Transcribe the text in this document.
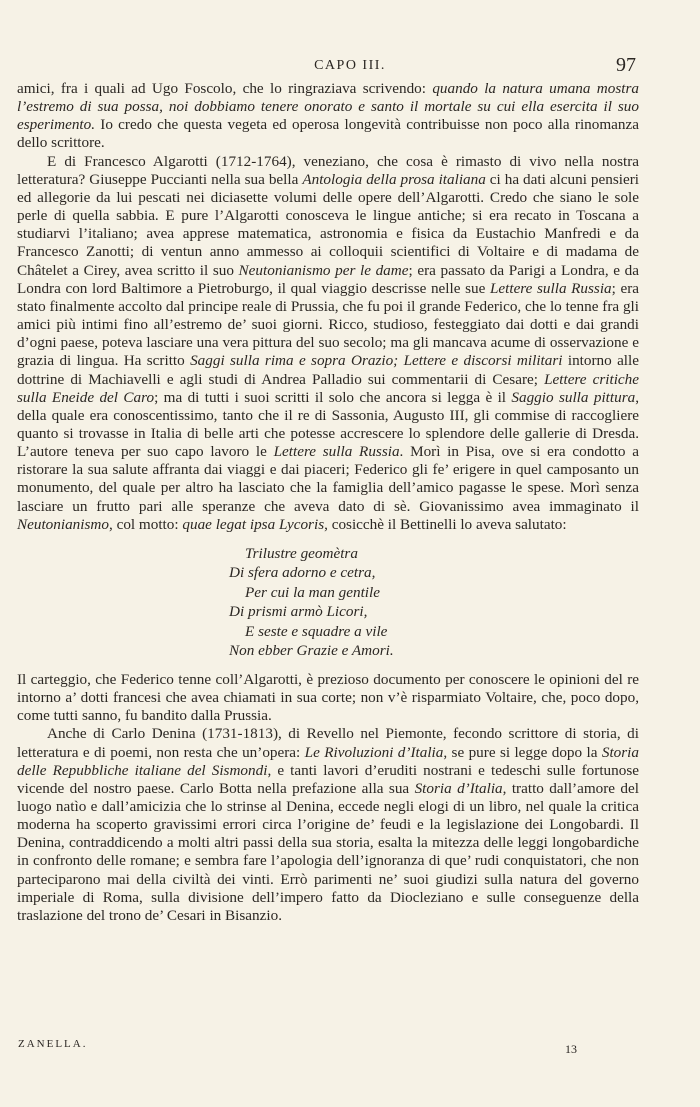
CAPO III.	97

amici, fra i quali ad Ugo Foscolo, che lo ringraziava scrivendo: quando la natura umana mostra l’estremo di sua possa, noi dobbiamo tenere onorato e santo il mortale su cui ella esercita il suo esperimento. Io credo che questa vegeta ed operosa longevità contribuisse non poco alla rinomanza dello scrittore.

E di Francesco Algarotti (1712-1764), veneziano, che cosa è rimasto di vivo nella nostra letteratura? Giuseppe Puccianti nella sua bella Antologia della prosa italiana ci ha dati alcuni pensieri ed allegorie da lui pescati nei diciasette volumi delle opere dell’Algarotti. Credo che siano le sole perle di quella sabbia. E pure l’Algarotti conosceva le lingue antiche; si era recato in Toscana a studiarvi l’italiano; avea apprese matematica, astronomia e fisica da Eustachio Manfredi e da Francesco Zanotti; di ventun anno ammesso ai colloquii scientifici di Voltaire e di madama de Châtelet a Cirey, avea scritto il suo Neutonianismo per le dame; era passato da Parigi a Londra, e da Londra con lord Baltimore a Pietroburgo, il qual viaggio descrisse nelle sue Lettere sulla Russia; era stato finalmente accolto dal principe reale di Prussia, che fu poi il grande Federico, che lo tenne fra gli amici più intimi fino all’estremo de’ suoi giorni. Ricco, studioso, festeggiato dai dotti e dai grandi d’ogni paese, poteva lasciare una vera pittura del suo secolo; ma gli mancava acume di osservazione e grazia di lingua. Ha scritto Saggi sulla rima e sopra Orazio; Lettere e discorsi militari intorno alle dottrine di Machiavelli e agli studi di Andrea Palladio sui commentarii di Cesare; Lettere critiche sulla Eneide del Caro; ma di tutti i suoi scritti il solo che ancora si legga è il Saggio sulla pittura, della quale era conoscentissimo, tanto che il re di Sassonia, Augusto III, gli commise di raccogliere quanto si trovasse in Italia di belle arti che potesse accrescere lo splendore delle gallerie di Dresda. L’autore teneva per suo capo lavoro le Lettere sulla Russia. Morì in Pisa, ove si era condotto a ristorare la sua salute affranta dai viaggi e dai piaceri; Federico gli fe’ erigere in quel camposanto un monumento, del quale per altro ha lasciato che la famiglia dell’amico pagasse le spese. Morì senza lasciare un frutto pari alle speranze che aveva dato di sè. Giovanissimo avea immaginato il Neutonianismo, col motto: quae legat ipsa Lycoris, cosicchè il Bettinelli lo aveva salutato:

Trilustre geomètra
Di sfera adorno e cetra,
Per cui la man gentile
Di prismi armò Licori,
E seste e squadre a vile
Non ebber Grazie e Amori.

Il carteggio, che Federico tenne coll’Algarotti, è prezioso documento per conoscere le opinioni del re intorno a’ dotti francesi che avea chiamati in sua corte; non v’è risparmiato Voltaire, che, poco dopo, come tutti sanno, fu bandito dalla Prussia.

Anche di Carlo Denina (1731-1813), di Revello nel Piemonte, fecondo scrittore di storia, di letteratura e di poemi, non resta che un’opera: Le Rivoluzioni d’Italia, se pure si legge dopo la Storia delle Repubbliche italiane del Sismondi, e tanti lavori d’eruditi nostrani e tedeschi sulle fortunose vicende del nostro paese. Carlo Botta nella prefazione alla sua Storia d’Italia, tratto dall’amore del luogo natìo e dall’amicizia che lo strinse al Denina, eccede negli elogi di un libro, nel quale la critica moderna ha scoperto gravissimi errori circa l’origine de’ feudi e la legislazione dei Longobardi. Il Denina, contraddicendo a molti altri passi della sua storia, esalta la mitezza delle leggi longobardiche in confronto delle romane; e sembra fare l’apologia dell’ignoranza di que’ rudi conquistatori, che non parteciparono mai della civiltà dei vinti. Errò parimenti ne’ suoi giudizi sulla natura del governo imperiale di Roma, sulla divisione dell’impero fatto da Diocleziano e sulle conseguenze della traslazione del trono de’ Cesari in Bisanzio.

ZANELLA.	13
